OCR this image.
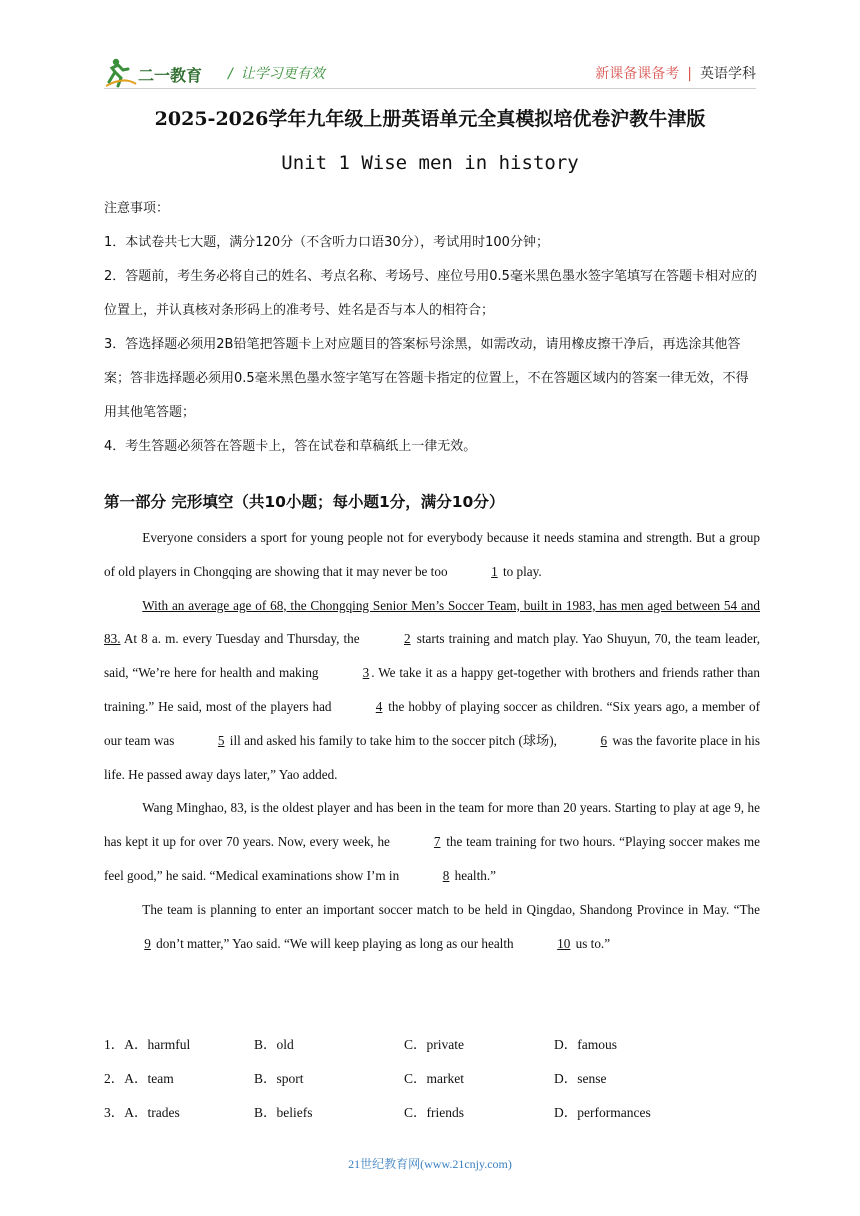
二一教育 / 让学习更有效	新课备课备考 | 英语学科
2025-2026学年九年级上册英语单元全真模拟培优卷沪教牛津版
Unit 1 Wise men in history

注意事项：

1．本试卷共七大题，满分120分（不含听力口语30分），考试用时100分钟；

2．答题前，考生务必将自己的姓名、考点名称、考场号、座位号用0.5毫米黑色墨水签字笔填写在答题卡相对应的位置上，并认真核对条形码上的准考号、姓名是否与本人的相符合；

3．答选择题必须用2B铅笔把答题卡上对应题目的答案标号涂黑，如需改动，请用橡皮擦干净后，再选涂其他答案；答非选择题必须用0.5毫米黑色墨水签字笔写在答题卡指定的位置上，不在答题区域内的答案一律无效，不得用其他笔答题；

4．考生答题必须答在答题卡上，答在试卷和草稿纸上一律无效。

第一部分 完形填空（共10小题；每小题1分，满分10分）

Everyone considers a sport for young people not for everybody because it needs stamina and strength. But a group of old players in Chongqing are showing that it may never be too	1 to play.

With an average age of 68, the Chongqing Senior Men’s Soccer Team, built in 1983, has men aged between 54 and 83. At 8 a. m. every Tuesday and Thursday, the	2 starts training and match play. Yao Shuyun, 70, the team leader, said, “We’re here for health and making	3 . We take it as a happy get-together with brothers and friends rather than training.” He said, most of the players had	4 the hobby of playing soccer as children. “Six years ago, a member of our team was	5 ill and asked his family to take him to the soccer pitch (球场),	6 was the favorite place in his life. He passed away days later,” Yao added.

Wang Minghao, 83, is the oldest player and has been in the team for more than 20 years. Starting to play at age 9, he has kept it up for over 70 years. Now, every week, he	7 the team training for two hours. “Playing soccer makes me feel good,” he said. “Medical examinations show I’m in	8 health.”

The team is planning to enter an important soccer match to be held in Qingdao, Shandong Province in May. “The 9 don’t matter,” Yao said. “We will keep playing as long as our health	10 us to.”

1．A．harmful	B．old	C．private	D．famous
2．A．team	B．sport	C．market	D．sense
3．A．trades	B．beliefs	C．friends	D．performances
21世纪教育网(www.21cnjy.com)
